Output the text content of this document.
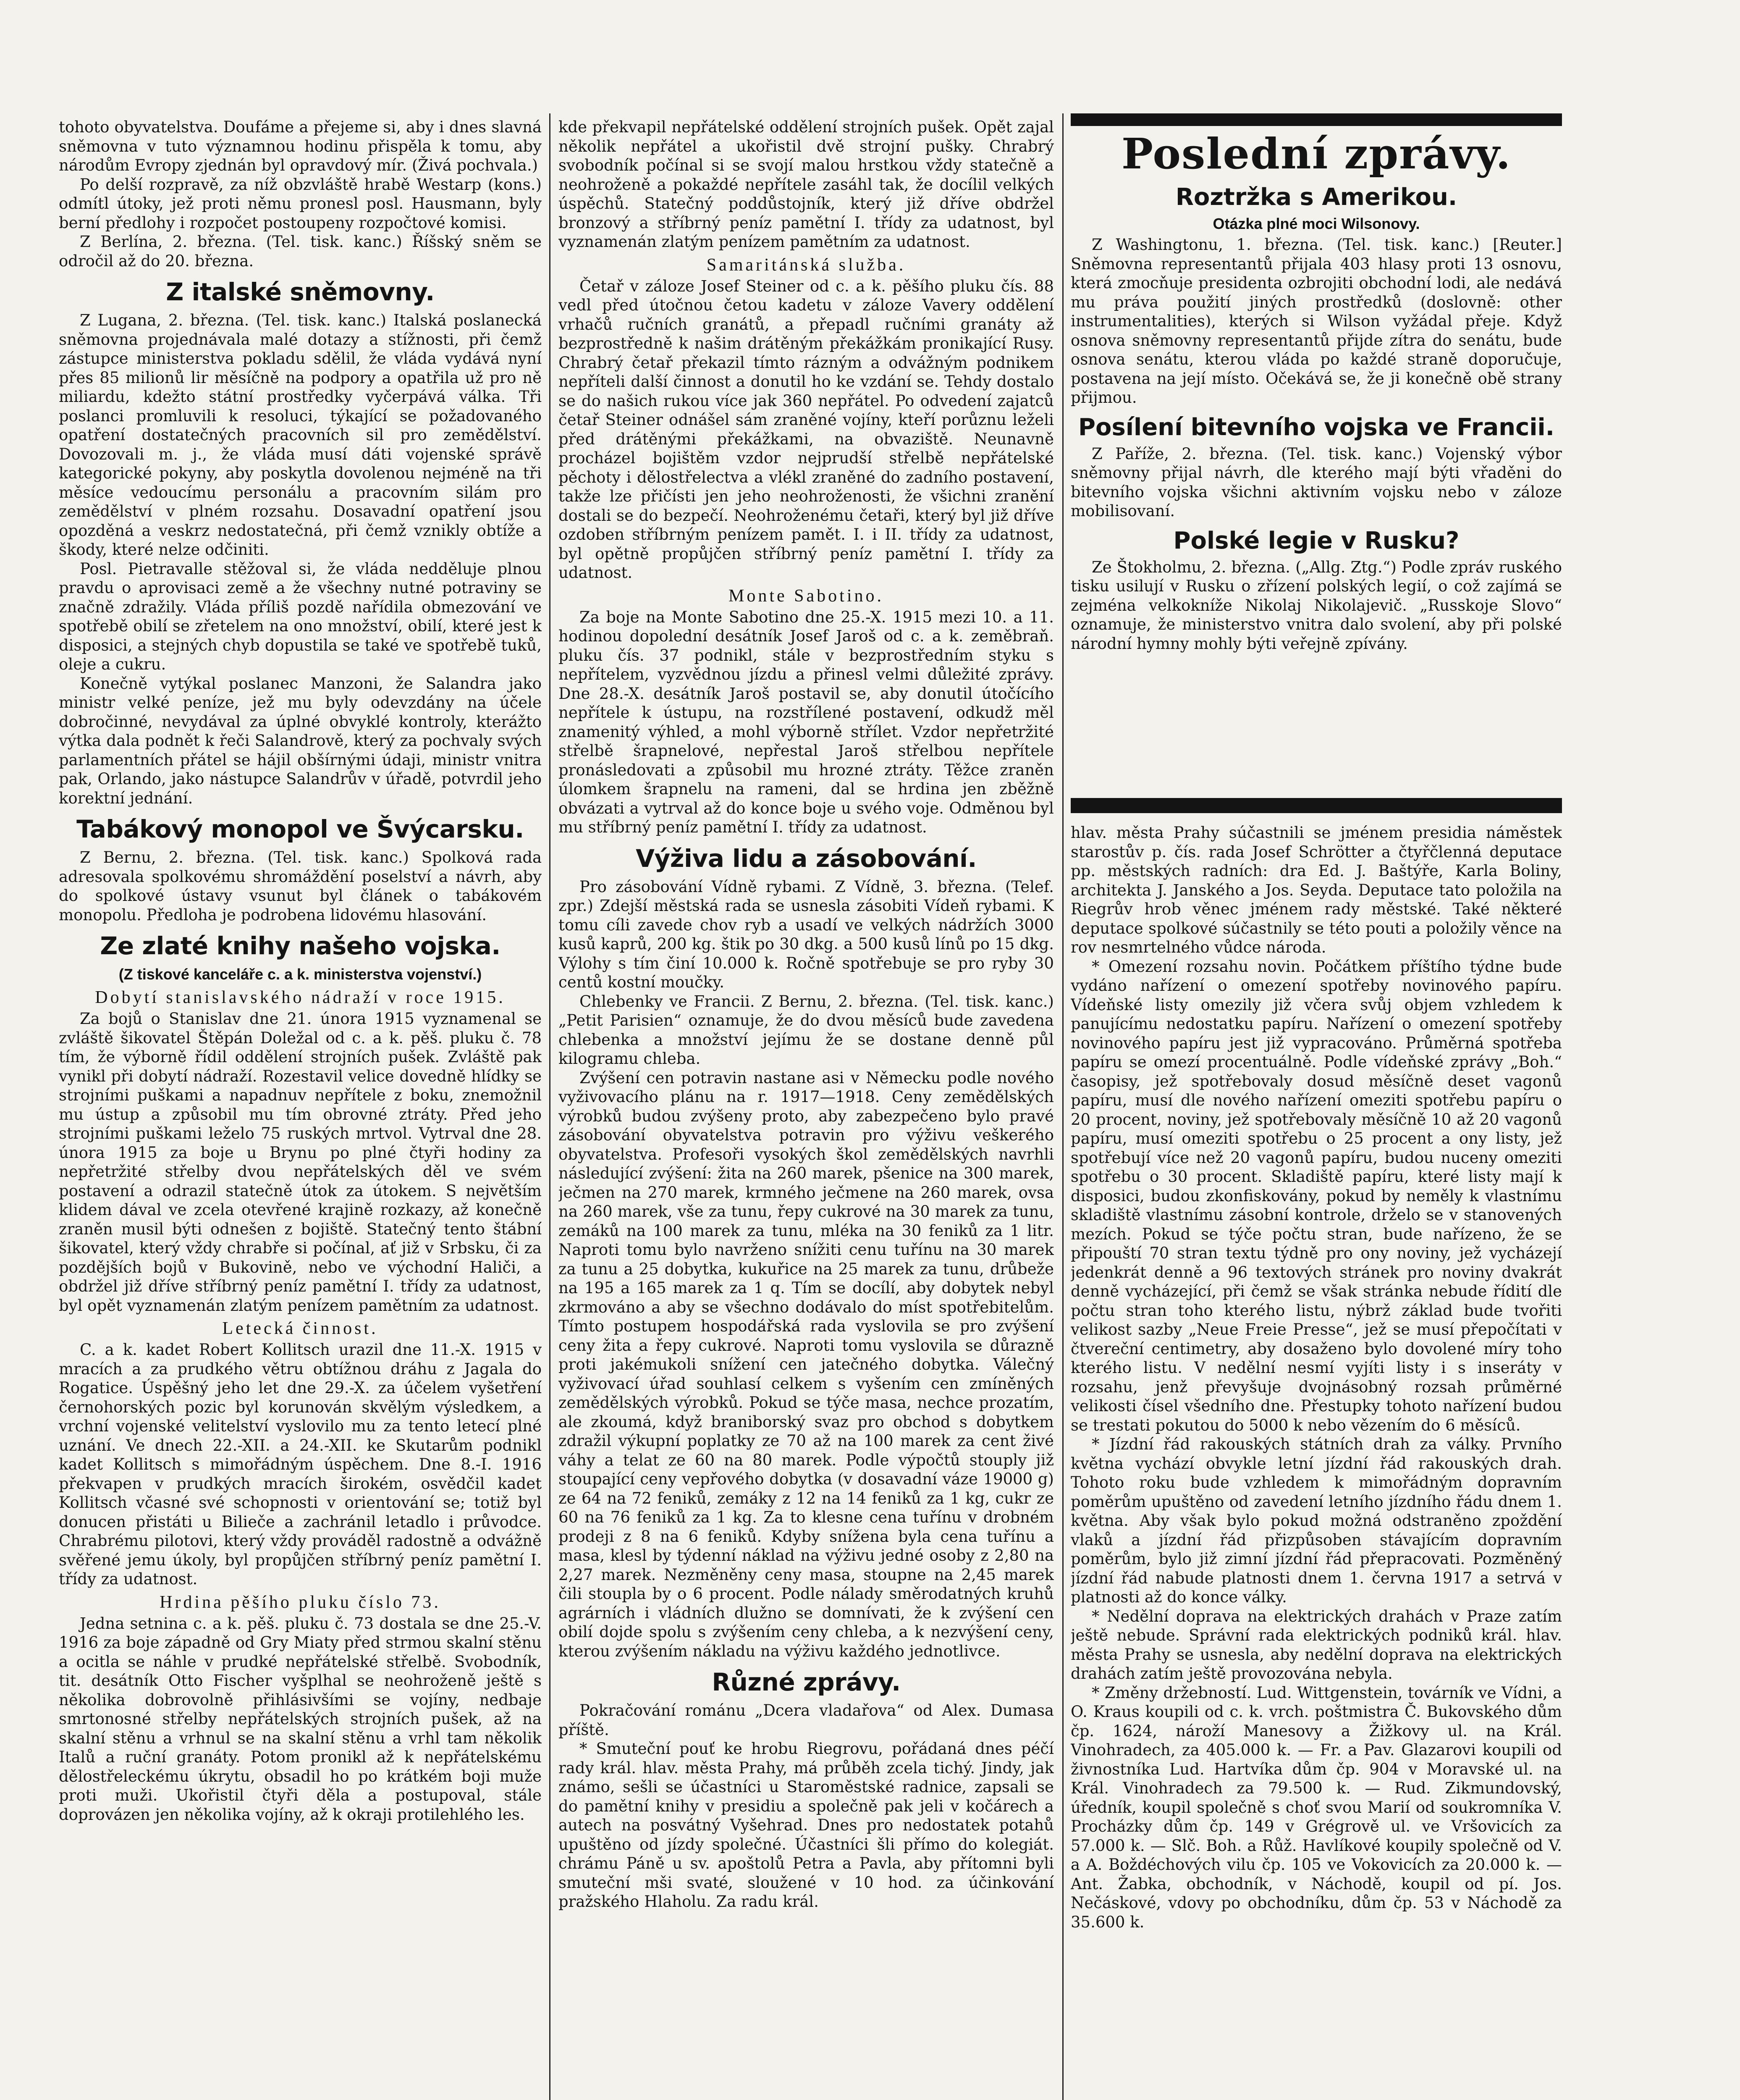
tohoto obyvatelstva. Doufáme a přejeme si, aby i dnes slavná sněmovna v tuto významnou hodinu přispěla k tomu, aby národům Evropy zjednán byl opravdový mír. (Živá pochvala.)

Po delší rozpravě, za níž obzvláště hrabě Westarp (kons.) odmítl útoky, jež proti němu pronesl posl. Hausmann, byly berní předlohy i rozpočet postoupeny rozpočtové komisi.

Z Berlína, 2. března. (Tel. tisk. kanc.) Říšský sněm se odročil až do 20. března.

Z italské sněmovny.

Z Lugana, 2. března. (Tel. tisk. kanc.) Italská poslanecká sněmovna projednávala malé dotazy a stížnosti, při čemž zástupce ministerstva pokladu sdělil, že vláda vydává nyní přes 85 milionů lir měsíčně na podpory a opatřila už pro ně miliardu, kdežto státní prostředky vyčerpává válka. Tři poslanci promluvili k resoluci, týkající se požadovaného opatření dostatečných pracovních sil pro zemědělství. Dovozovali m. j., že vláda musí dáti vojenské správě kategorické pokyny, aby poskytla dovolenou nejméně na tři měsíce vedoucímu personálu a pracovním silám pro zemědělství v plném rozsahu. Dosavadní opatření jsou opozděná a veskrz nedostatečná, při čemž vznikly obtíže a škody, které nelze odčiniti.

Posl. Pietravalle stěžoval si, že vláda nedděluje plnou pravdu o aprovisaci země a že všechny nutné potraviny se značně zdražily. Vláda příliš pozdě nařídila obmezování ve spotřebě obilí se zřetelem na ono množství, obilí, které jest k disposici, a stejných chyb dopustila se také ve spotřebě tuků, oleje a cukru.

Konečně vytýkal poslanec Manzoni, že Salandra jako ministr velké peníze, jež mu byly odevzdány na účele dobročinné, nevydával za úplné obvyklé kontroly, kterážto výtka dala podnět k řeči Salandrově, který za pochvaly svých parlamentních přátel se hájil obšírnými údaji, ministr vnitra pak, Orlando, jako nástupce Salandrův v úřadě, potvrdil jeho korektní jednání.

Tabákový monopol ve Švýcarsku.

Z Bernu, 2. března. (Tel. tisk. kanc.) Spolková rada adresovala spolkovému shromáždění poselství a návrh, aby do spolkové ústavy vsunut byl článek o tabákovém monopolu. Předloha je podrobena lidovému hlasování.

Ze zlaté knihy našeho vojska.
(Z tiskové kanceláře c. a k. ministerstva vojenství.)
Dobytí stanislavského nádraží v roce 1915.

Za bojů o Stanislav dne 21. února 1915 vyznamenal se zvláště šikovatel Štěpán Doležal od c. a k. pěš. pluku č. 78 tím, že výborně řídil oddělení strojních pušek. Zvláště pak vynikl při dobytí nádraží. Rozestavil velice dovedně hlídky se strojními puškami a napadnuv nepřítele z boku, znemožnil mu ústup a způsobil mu tím obrovné ztráty. Před jeho strojními puškami leželo 75 ruských mrtvol. Vytrval dne 28. února 1915 za boje u Brynu po plné čtyři hodiny za nepřetržité střelby dvou nepřátelských děl ve svém postavení a odrazil statečně útok za útokem. S největším klidem dával ve zcela otevřené krajině rozkazy, až konečně zraněn musil býti odnešen z bojiště. Statečný tento štábní šikovatel, který vždy chrabře si počínal, ať již v Srbsku, či za pozdějších bojů v Bukovině, nebo ve východní Haliči, a obdržel již dříve stříbrný peníz pamětní I. třídy za udatnost, byl opět vyznamenán zlatým penízem pamětním za udatnost.

Letecká činnost.

C. a k. kadet Robert Kollitsch urazil dne 11.-X. 1915 v mracích a za prudkého větru obtížnou dráhu z Jagala do Rogatice. Úspěšný jeho let dne 29.-X. za účelem vyšetření černohorských pozic byl korunován skvělým výsledkem, a vrchní vojenské velitelství vyslovilo mu za tento letecí plné uznání. Ve dnech 22.-XII. a 24.-XII. ke Skutarům podnikl kadet Kollitsch s mimořádným úspěchem. Dne 8.-I. 1916 překvapen v prudkých mracích širokém, osvědčil kadet Kollitsch včasné své schopnosti v orientování se; totiž byl donucen přistáti u Bilieče a zachránil letadlo i průvodce. Chrabrému pilotovi, který vždy prováděl radostně a odvážně svěřené jemu úkoly, byl propůjčen stříbrný peníz pamětní I. třídy za udatnost.

Hrdina pěšího pluku číslo 73.

Jedna setnina c. a k. pěš. pluku č. 73 dostala se dne 25.-V. 1916 za boje západně od Gry Miaty před strmou skalní stěnu a ocitla se náhle v prudké nepřátelské střelbě. Svobodník, tit. desátník Otto Fischer vyšplhal se neohroženě ještě s několika dobrovolně přihlásivšími se vojíny, nedbaje smrtonosné střelby nepřátelských strojních pušek, až na skalní stěnu a vrhnul se na skalní stěnu a vrhl tam několik Italů a ruční granáty. Potom pronikl až k nepřátelskému dělostřeleckému úkrytu, obsadil ho po krátkém boji muže proti muži. Ukořistil čtyři děla a postupoval, stále doprovázen jen několika vojíny, až k okraji protilehlého les.

kde překvapil nepřátelské oddělení strojních pušek. Opět zajal několik nepřátel a ukořistil dvě strojní pušky. Chrabrý svobodník počínal si se svojí malou hrstkou vždy statečně a neohroženě a pokaždé nepřítele zasáhl tak, že docílil velkých úspěchů. Statečný poddůstojník, který již dříve obdržel bronzový a stříbrný peníz pamětní I. třídy za udatnost, byl vyznamenán zlatým penízem pamětním za udatnost.

Samaritánská služba.

Četař v záloze Josef Steiner od c. a k. pěšího pluku čís. 88 vedl před útočnou četou kadetu v záloze Vavery oddělení vrhačů ručních granátů, a přepadl ručními granáty až bezprostředně k našim drátěným překážkám pronikající Rusy. Chrabrý četař překazil tímto rázným a odvážným podnikem nepříteli další činnost a donutil ho ke vzdání se. Tehdy dostalo se do našich rukou více jak 360 nepřátel. Po odvedení zajatců četař Steiner odnášel sám zraněné vojíny, kteří porůznu leželi před drátěnými překážkami, na obvaziště. Neunavně procházel bojištěm vzdor nejprudší střelbě nepřátelské pěchoty i dělostřelectva a vlékl zraněné do zadního postavení, takže lze přičísti jen jeho neohroženosti, že všichni zranění dostali se do bezpečí. Neohroženému četaři, který byl již dříve ozdoben stříbrným penízem pamět. I. i II. třídy za udatnost, byl opětně propůjčen stříbrný peníz pamětní I. třídy za udatnost.

Monte Sabotino.

Za boje na Monte Sabotino dne 25.-X. 1915 mezi 10. a 11. hodinou dopolední desátník Josef Jaroš od c. a k. zeměbraň. pluku čís. 37 podnikl, stále v bezprostředním styku s nepřítelem, vyzvědnou jízdu a přinesl velmi důležité zprávy. Dne 28.-X. desátník Jaroš postavil se, aby donutil útočícího nepřítele k ústupu, na rozstřílené postavení, odkudž měl znamenitý výhled, a mohl výborně střílet. Vzdor nepřetržité střelbě šrapnelové, nepřestal Jaroš střelbou nepřítele pronásledovati a způsobil mu hrozné ztráty. Těžce zraněn úlomkem šrapnelu na rameni, dal se hrdina jen zběžně obvázati a vytrval až do konce boje u svého voje. Odměnou byl mu stříbrný peníz pamětní I. třídy za udatnost.

Výživa lidu a zásobování.

Pro zásobování Vídně rybami. Z Vídně, 3. března. (Telef. zpr.) Zdejší městská rada se usnesla zásobiti Vídeň rybami. K tomu cíli zavede chov ryb a usadí ve velkých nádržích 3000 kusů kaprů, 200 kg. štik po 30 dkg. a 500 kusů línů po 15 dkg. Výlohy s tím činí 10.000 k. Ročně spotřebuje se pro ryby 30 centů kostní moučky.

Chlebenky ve Francii. Z Bernu, 2. března. (Tel. tisk. kanc.) „Petit Parisien“ oznamuje, že do dvou měsíců bude zavedena chlebenka a množství jejímu že se dostane denně půl kilogramu chleba.

Zvýšení cen potravin nastane asi v Německu podle nového vyživovacího plánu na r. 1917—1918. Ceny zemědělských výrobků budou zvýšeny proto, aby zabezpečeno bylo pravé zásobování obyvatelstva potravin pro výživu veškerého obyvatelstva. Profesoři vysokých škol zemědělských navrhli následující zvýšení: žita na 260 marek, pšenice na 300 marek, ječmen na 270 marek, krmného ječmene na 260 marek, ovsa na 260 marek, vše za tunu, řepy cukrové na 30 marek za tunu, zemáků na 100 marek za tunu, mléka na 30 feniků za 1 litr. Naproti tomu bylo navrženo snížiti cenu tuřínu na 30 marek za tunu a 25 dobytka, kukuřice na 25 marek za tunu, drůbeže na 195 a 165 marek za 1 q. Tím se docílí, aby dobytek nebyl zkrmováno a aby se všechno dodávalo do míst spotřebitelům. Tímto postupem hospodářská rada vyslovila se pro zvýšení ceny žita a řepy cukrové. Naproti tomu vyslovila se důrazně proti jakémukoli snížení cen jatečného dobytka. Válečný vyživovací úřad souhlasí celkem s vyšením cen zmíněných zemědělských výrobků. Pokud se týče masa, nechce prozatím, ale zkoumá, když braniborský svaz pro obchod s dobytkem zdražil výkupní poplatky ze 70 až na 100 marek za cent živé váhy a telat ze 60 na 80 marek. Podle výpočtů stouply již stoupající ceny vepřového dobytka (v dosavadní váze 19000 g) ze 64 na 72 feniků, zemáky z 12 na 14 feniků za 1 kg, cukr ze 60 na 76 feniků za 1 kg. Za to klesne cena tuřínu v drobném prodeji z 8 na 6 feniků. Kdyby snížena byla cena tuřínu a masa, klesl by týdenní náklad na výživu jedné osoby z 2,80 na 2,27 marek. Nezměněny ceny masa, stoupne na 2,45 marek čili stoupla by o 6 procent. Podle nálady směrodatných kruhů agrárních i vládních dlužno se domnívati, že k zvýšení cen obilí dojde spolu s zvýšením ceny chleba, a k nezvýšení ceny, kterou zvýšením nákladu na výživu každého jednotlivce.

Různé zprávy.

Pokračování románu „Dcera vladařova“ od Alex. Dumasa příště.

* Smuteční pouť ke hrobu Riegrovu, pořádaná dnes péčí rady král. hlav. města Prahy, má průběh zcela tichý. Jindy, jak známo, sešli se účastníci u Staroměstské radnice, zapsali se do pamětní knihy v presidiu a společně pak jeli v kočárech a autech na posvátný Vyšehrad. Dnes pro nedostatek potahů upuštěno od jízdy společné. Účastníci šli přímo do kolegiát. chrámu Páně u sv. apoštolů Petra a Pavla, aby přítomni byli smuteční mši svaté, sloužené v 10 hod. za účinkování pražského Hlaholu. Za radu král.

Poslední zprávy.
Roztržka s Amerikou.
Otázka plné moci Wilsonovy.

Z Washingtonu, 1. března. (Tel. tisk. kanc.) [Reuter.] Sněmovna representantů přijala 403 hlasy proti 13 osnovu, která zmocňuje presidenta ozbrojiti obchodní lodi, ale nedává mu práva použití jiných prostředků (doslovně: other instrumentalities), kterých si Wilson vyžádal přeje. Když osnova sněmovny representantů přijde zítra do senátu, bude osnova senátu, kterou vláda po každé straně doporučuje, postavena na její místo. Očekává se, že ji konečně obě strany přijmou.

Posílení bitevního vojska ve Francii.

Z Paříže, 2. března. (Tel. tisk. kanc.) Vojenský výbor sněmovny přijal návrh, dle kterého mají býti vřaděni do bitevního vojska všichni aktivním vojsku nebo v záloze mobilisovaní.

Polské legie v Rusku?

Ze Štokholmu, 2. března. („Allg. Ztg.“) Podle zpráv ruského tisku usilují v Rusku o zřízení polských legií, o což zajímá se zejména velkokníže Nikolaj Nikolajevič. „Russkoje Slovo“ oznamuje, že ministerstvo vnitra dalo svolení, aby při polské národní hymny mohly býti veřejně zpívány.

hlav. města Prahy súčastnili se jménem presidia náměstek starostův p. čís. rada Josef Schrötter a čtyřčlenná deputace pp. městských radních: dra Ed. J. Baštýře, Karla Boliny, architekta J. Janského a Jos. Seyda. Deputace tato položila na Riegrův hrob věnec jménem rady městské. Také některé deputace spolkové súčastnily se této pouti a položily věnce na rov nesmrtelného vůdce národa.

* Omezení rozsahu novin. Počátkem příštího týdne bude vydáno nařízení o omezení spotřeby novinového papíru. Vídeňské listy omezily již včera svůj objem vzhledem k panujícímu nedostatku papíru. Nařízení o omezení spotřeby novinového papíru jest již vypracováno. Průměrná spotřeba papíru se omezí procentuálně. Podle vídeňské zprávy „Boh.“ časopisy, jež spotřebovaly dosud měsíčně deset vagonů papíru, musí dle nového nařízení omeziti spotřebu papíru o 20 procent, noviny, jež spotřebovaly měsíčně 10 až 20 vagonů papíru, musí omeziti spotřebu o 25 procent a ony listy, jež spotřebují více než 20 vagonů papíru, budou nuceny omeziti spotřebu o 30 procent. Skladiště papíru, které listy mají k disposici, budou zkonfiskovány, pokud by neměly k vlastnímu skladiště vlastnímu zásobní kontrole, drželo se v stanovených mezích. Pokud se týče počtu stran, bude nařízeno, že se připouští 70 stran textu týdně pro ony noviny, jež vycházejí jedenkrát denně a 96 textových stránek pro noviny dvakrát denně vycházející, při čemž se však stránka nebude řídití dle počtu stran toho kterého listu, nýbrž základ bude tvořiti velikost sazby „Neue Freie Presse“, jež se musí přepočítati v čtvereční centimetry, aby dosaženo bylo dovolené míry toho kterého listu. V nedělní nesmí vyjíti listy i s inseráty v rozsahu, jenž převyšuje dvojnásobný rozsah průměrné velikosti čísel všedního dne. Přestupky tohoto nařízení budou se trestati pokutou do 5000 k nebo vězením do 6 měsíců.

* Jízdní řád rakouských státních drah za války. Prvního května vychází obvykle letní jízdní řád rakouských drah. Tohoto roku bude vzhledem k mimořádným dopravním poměrům upuštěno od zavedení letního jízdního řádu dnem 1. května. Aby však bylo pokud možná odstraněno zpoždění vlaků a jízdní řád přizpůsoben stávajícím dopravním poměrům, bylo již zimní jízdní řád přepracovati. Pozměněný jízdní řád nabude platnosti dnem 1. června 1917 a setrvá v platnosti až do konce války.

* Nedělní doprava na elektrických drahách v Praze zatím ještě nebude. Správní rada elektrických podniků král. hlav. města Prahy se usnesla, aby nedělní doprava na elektrických drahách zatím ještě provozována nebyla.

* Změny držebností. Lud. Wittgenstein, továrník ve Vídni, a O. Kraus koupili od c. k. vrch. poštmistra Č. Bukovského dům čp. 1624, nároží Manesovy a Žižkovy ul. na Král. Vinohradech, za 405.000 k. — Fr. a Pav. Glazarovi koupili od živnostníka Lud. Hartvíka dům čp. 904 v Moravské ul. na Král. Vinohradech za 79.500 k. — Rud. Zikmundovský, úředník, koupil společně s choť svou Marií od soukromníka V. Procházky dům čp. 149 v Grégrově ul. ve Vršovicích za 57.000 k. — Slč. Boh. a Růž. Havlíkové koupily společně od V. a A. Boždéchových vilu čp. 105 ve Vokovicích za 20.000 k. — Ant. Žabka, obchodník, v Náchodě, koupil od pí. Jos. Nečáskové, vdovy po obchodníku, dům čp. 53 v Náchodě za 35.600 k.
